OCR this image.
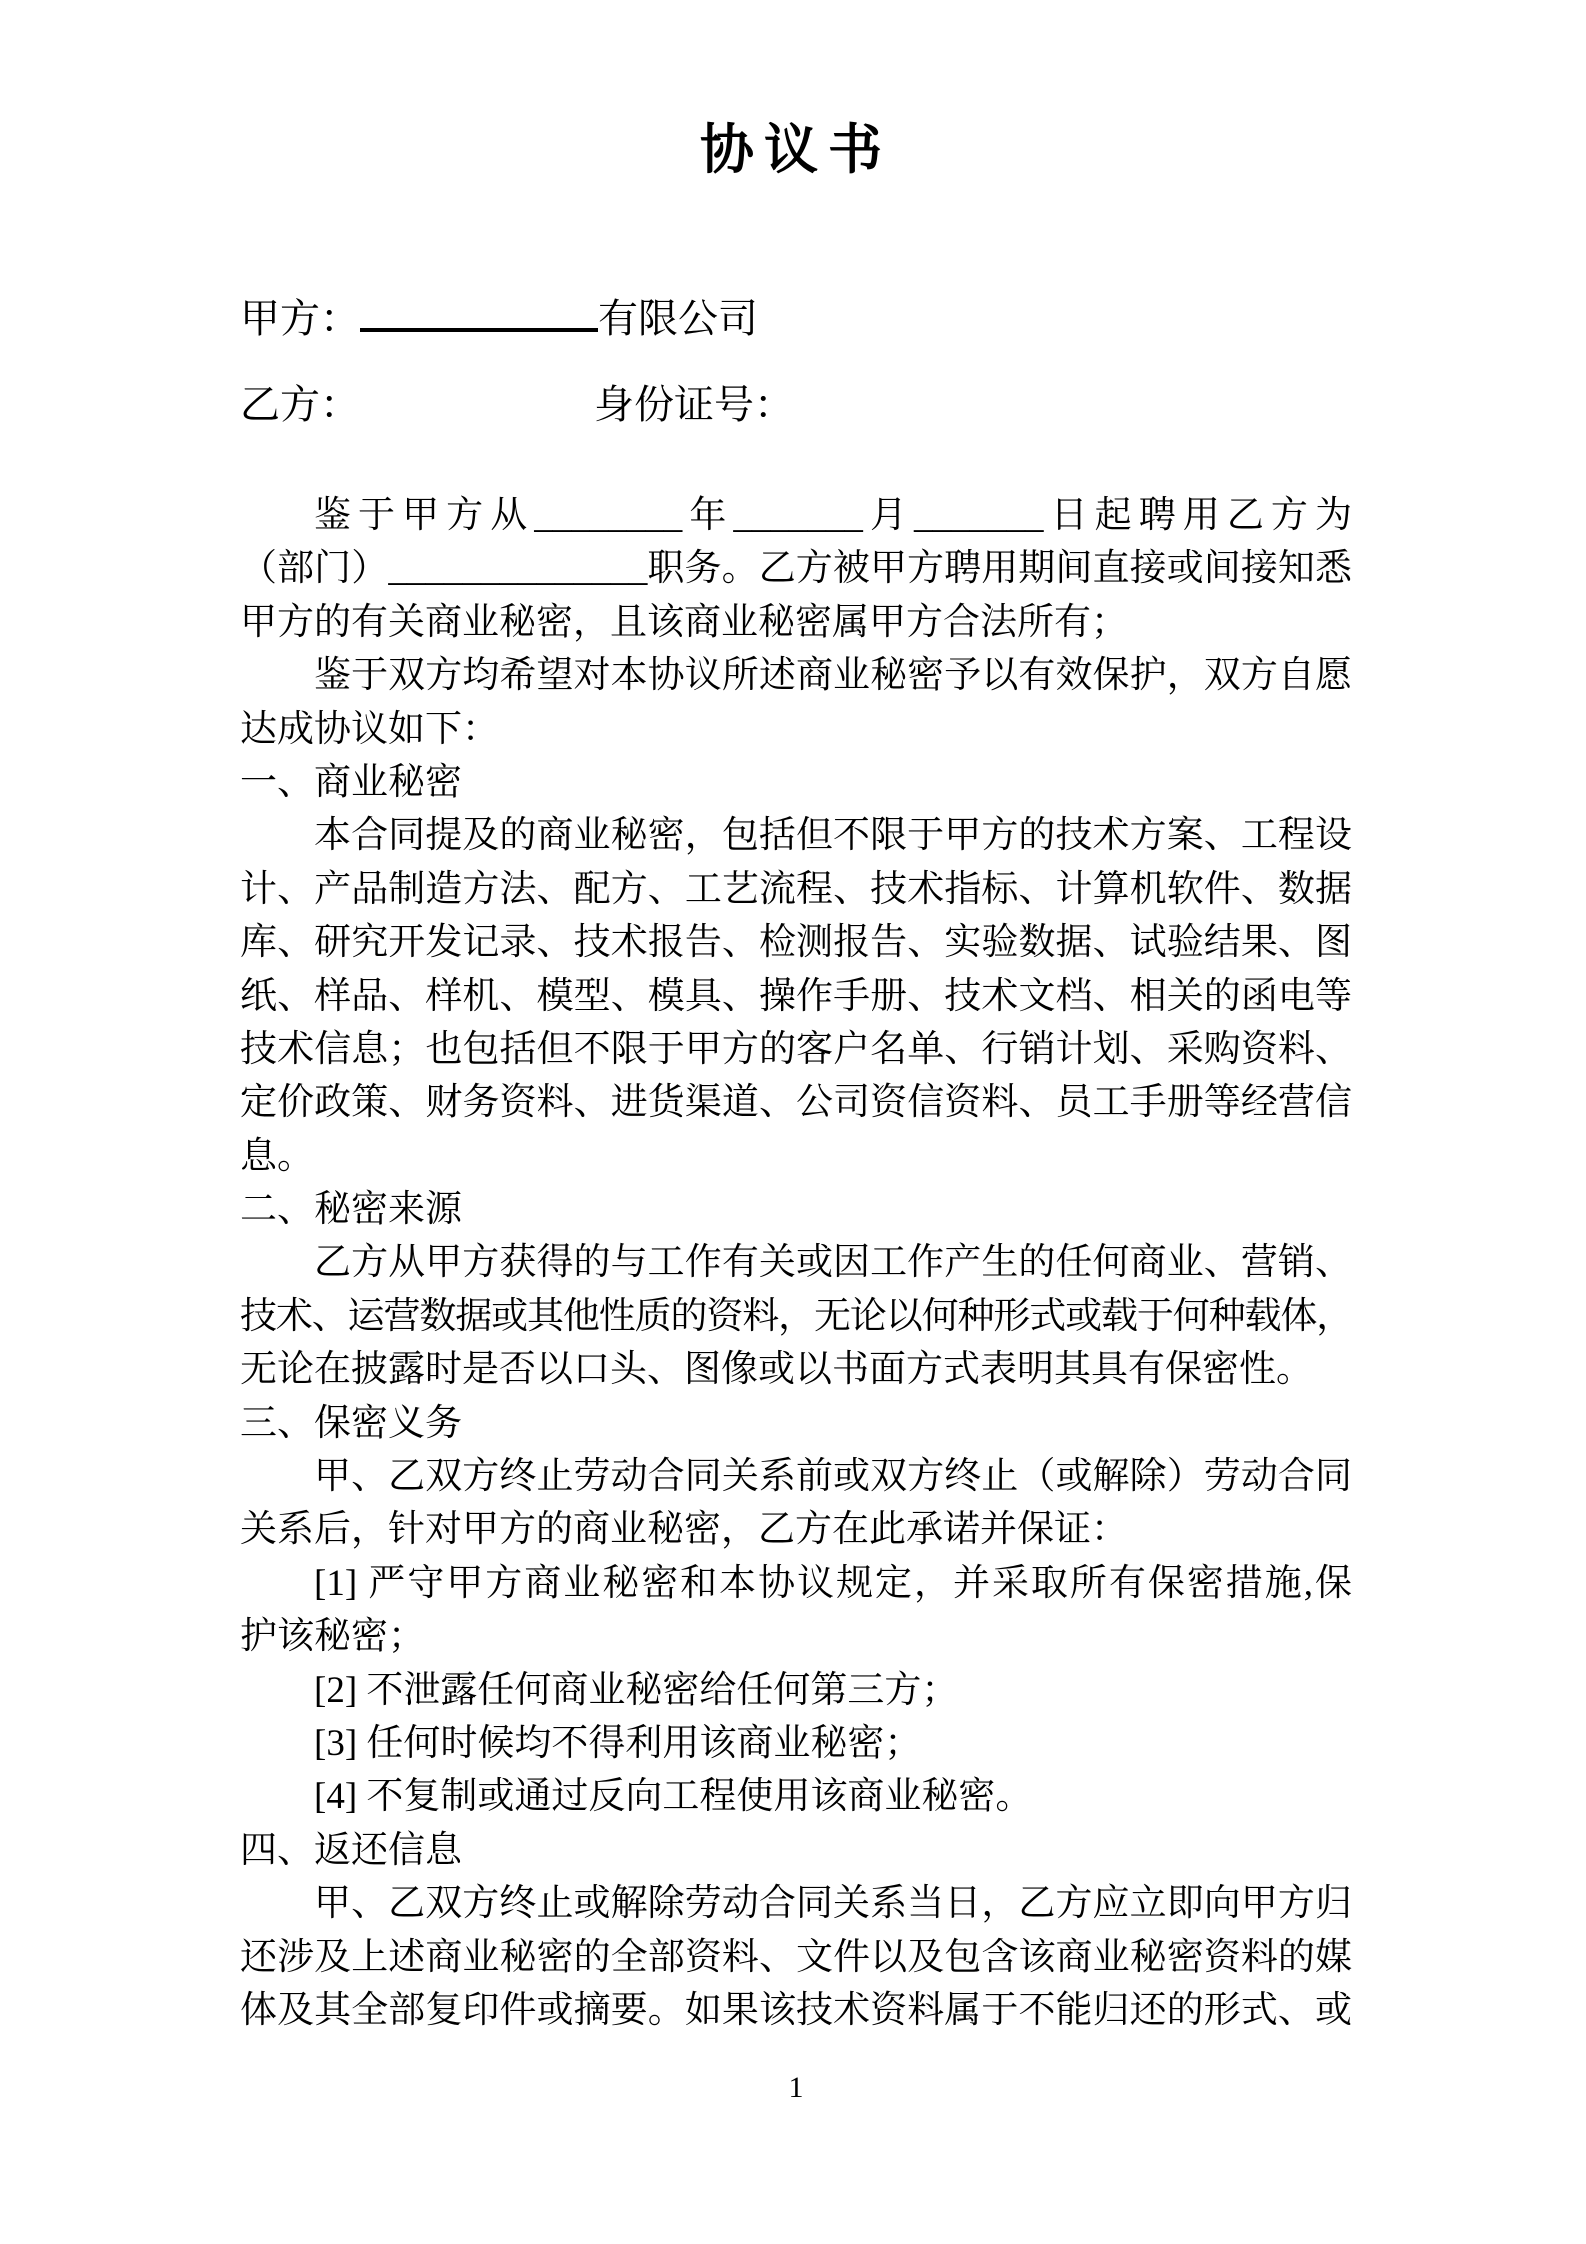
协议书
甲方：	有限公司
乙方：	身份证号：
鉴于甲方从________年_______月_______日起聘用乙方为
（部门）______________职务。乙方被甲方聘用期间直接或间接知悉
甲方的有关商业秘密，且该商业秘密属甲方合法所有；
鉴于双方均希望对本协议所述商业秘密予以有效保护，双方自愿
达成协议如下：
一、商业秘密
本合同提及的商业秘密，包括但不限于甲方的技术方案、工程设
计、产品制造方法、配方、工艺流程、技术指标、计算机软件、数据
库、研究开发记录、技术报告、检测报告、实验数据、试验结果、图
纸、样品、样机、模型、模具、操作手册、技术文档、相关的函电等
技术信息；也包括但不限于甲方的客户名单、行销计划、采购资料、
定价政策、财务资料、进货渠道、公司资信资料、员工手册等经营信
息。
二、秘密来源
乙方从甲方获得的与工作有关或因工作产生的任何商业、营销、
技术、运营数据或其他性质的资料，无论以何种形式或载于何种载体，
无论在披露时是否以口头、图像或以书面方式表明其具有保密性。
三、保密义务
甲、乙双方终止劳动合同关系前或双方终止（或解除）劳动合同
关系后，针对甲方的商业秘密，乙方在此承诺并保证：
[1] 严守甲方商业秘密和本协议规定，并采取所有保密措施,保
护该秘密；
[2] 不泄露任何商业秘密给任何第三方；
[3] 任何时候均不得利用该商业秘密；
[4] 不复制或通过反向工程使用该商业秘密。
四、返还信息
甲、乙双方终止或解除劳动合同关系当日，乙方应立即向甲方归
还涉及上述商业秘密的全部资料、文件以及包含该商业秘密资料的媒
体及其全部复印件或摘要。如果该技术资料属于不能归还的形式、或
1
